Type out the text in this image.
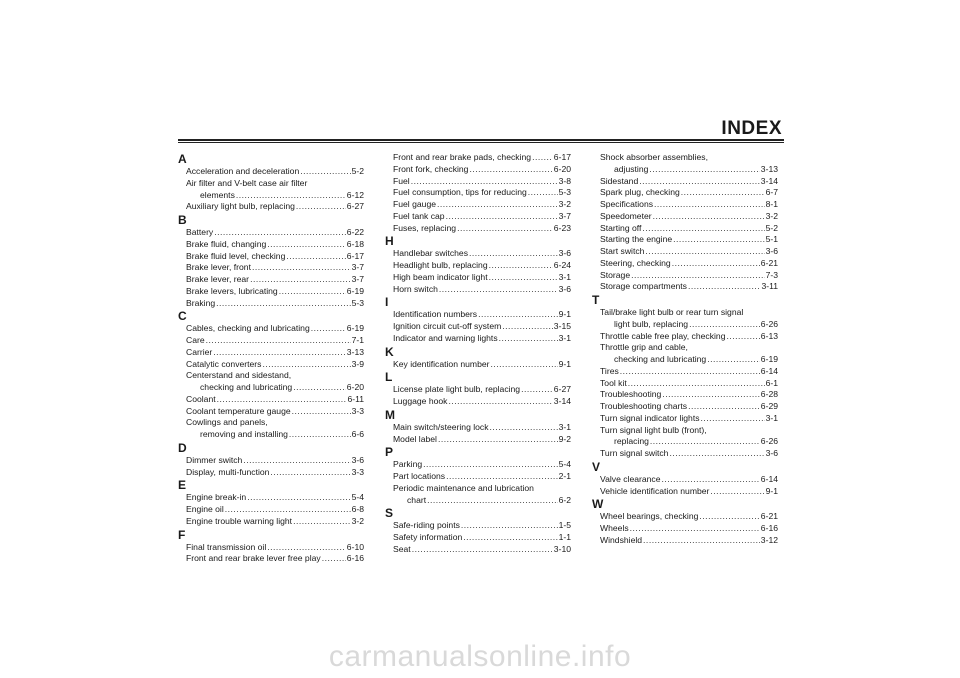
INDEX
A
Acceleration and deceleration .....	5-2
Air filter and V-belt case air filter
elements .....	6-12
Auxiliary light bulb, replacing .....	6-27
B
Battery .....	6-22
Brake fluid, changing .....	6-18
Brake fluid level, checking .....	6-17
Brake lever, front .....	3-7
Brake lever, rear .....	3-7
Brake levers, lubricating .....	6-19
Braking .....	5-3
C
Cables, checking and lubricating .....	6-19
Care .....	7-1
Carrier .....	3-13
Catalytic converters .....	3-9
Centerstand and sidestand,
checking and lubricating .....	6-20
Coolant .....	6-11
Coolant temperature gauge .....	3-3
Cowlings and panels,
removing and installing .....	6-6
D
Dimmer switch .....	3-6
Display, multi-function .....	3-3
E
Engine break-in .....	5-4
Engine oil .....	6-8
Engine trouble warning light .....	3-2
F
Final transmission oil .....	6-10
Front and rear brake lever free play .....	6-16
Front and rear brake pads, checking .....	6-17
Front fork, checking .....	6-20
Fuel .....	3-8
Fuel consumption, tips for reducing .....	5-3
Fuel gauge .....	3-2
Fuel tank cap .....	3-7
Fuses, replacing .....	6-23
H
Handlebar switches .....	3-6
Headlight bulb, replacing .....	6-24
High beam indicator light .....	3-1
Horn switch .....	3-6
I
Identification numbers .....	9-1
Ignition circuit cut-off system .....	3-15
Indicator and warning lights .....	3-1
K
Key identification number .....	9-1
L
License plate light bulb, replacing .....	6-27
Luggage hook .....	3-14
M
Main switch/steering lock .....	3-1
Model label .....	9-2
P
Parking .....	5-4
Part locations .....	2-1
Periodic maintenance and lubrication
chart .....	6-2
S
Safe-riding points .....	1-5
Safety information .....	1-1
Seat .....	3-10
Shock absorber assemblies,
adjusting .....	3-13
Sidestand .....	3-14
Spark plug, checking .....	6-7
Specifications .....	8-1
Speedometer .....	3-2
Starting off .....	5-2
Starting the engine .....	5-1
Start switch .....	3-6
Steering, checking .....	6-21
Storage .....	7-3
Storage compartments .....	3-11
T
Tail/brake light bulb or rear turn signal
light bulb, replacing .....	6-26
Throttle cable free play, checking .....	6-13
Throttle grip and cable,
checking and lubricating .....	6-19
Tires .....	6-14
Tool kit .....	6-1
Troubleshooting .....	6-28
Troubleshooting charts .....	6-29
Turn signal indicator lights .....	3-1
Turn signal light bulb (front),
replacing .....	6-26
Turn signal switch .....	3-6
V
Valve clearance .....	6-14
Vehicle identification number .....	9-1
W
Wheel bearings, checking .....	6-21
Wheels .....	6-16
Windshield .....	3-12
carmanualsonline.info
